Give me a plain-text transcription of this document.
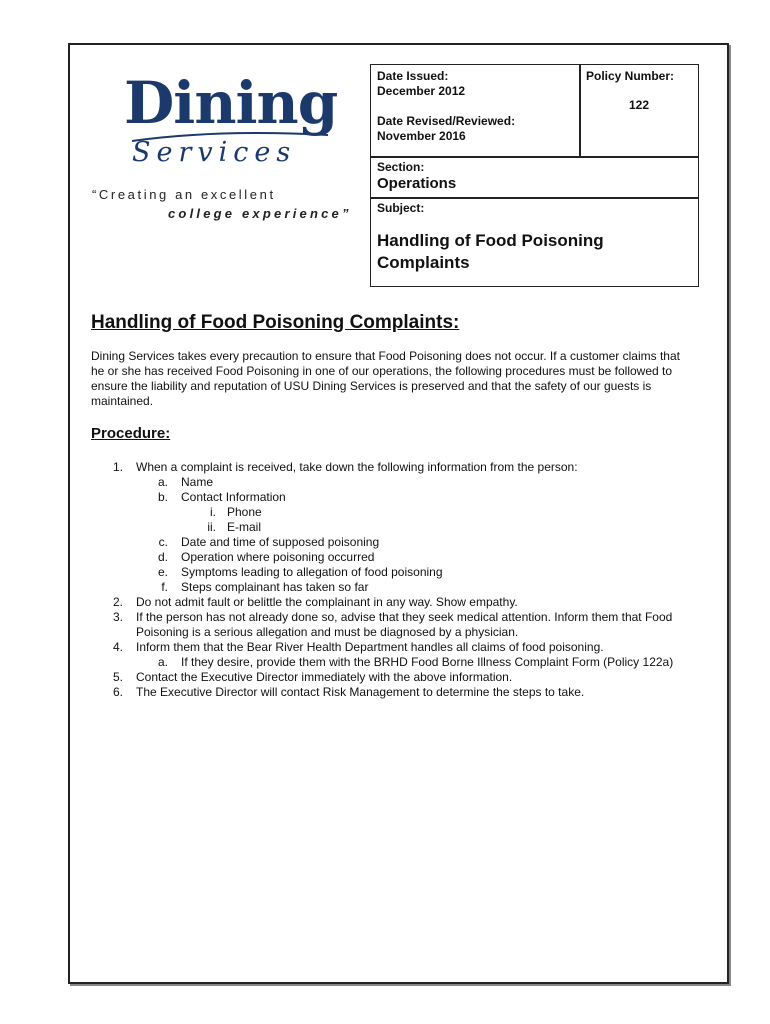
Dining
Services
“Creating an excellent
college experience”
Date Issued:
December 2012
Date Revised/Reviewed:
November 2016
Policy Number:
122
Section:
Operations
Subject:
Handling of Food Poisoning
Complaints
Handling of Food Poisoning Complaints:
Dining Services takes every precaution to ensure that Food Poisoning does not occur. If a customer claims that
he or she has received Food Poisoning in one of our operations, the following procedures must be followed to
ensure the liability and reputation of USU Dining Services is preserved and that the safety of our guests is
maintained.
Procedure:
1. When a complaint is received, take down the following information from the person:
a. Name
b. Contact Information
i. Phone
ii. E-mail
c. Date and time of supposed poisoning
d. Operation where poisoning occurred
e. Symptoms leading to allegation of food poisoning
f. Steps complainant has taken so far
2. Do not admit fault or belittle the complainant in any way. Show empathy.
3. If the person has not already done so, advise that they seek medical attention. Inform them that Food
Poisoning is a serious allegation and must be diagnosed by a physician.
4. Inform them that the Bear River Health Department handles all claims of food poisoning.
a. If they desire, provide them with the BRHD Food Borne Illness Complaint Form (Policy 122a)
5. Contact the Executive Director immediately with the above information.
6. The Executive Director will contact Risk Management to determine the steps to take.
